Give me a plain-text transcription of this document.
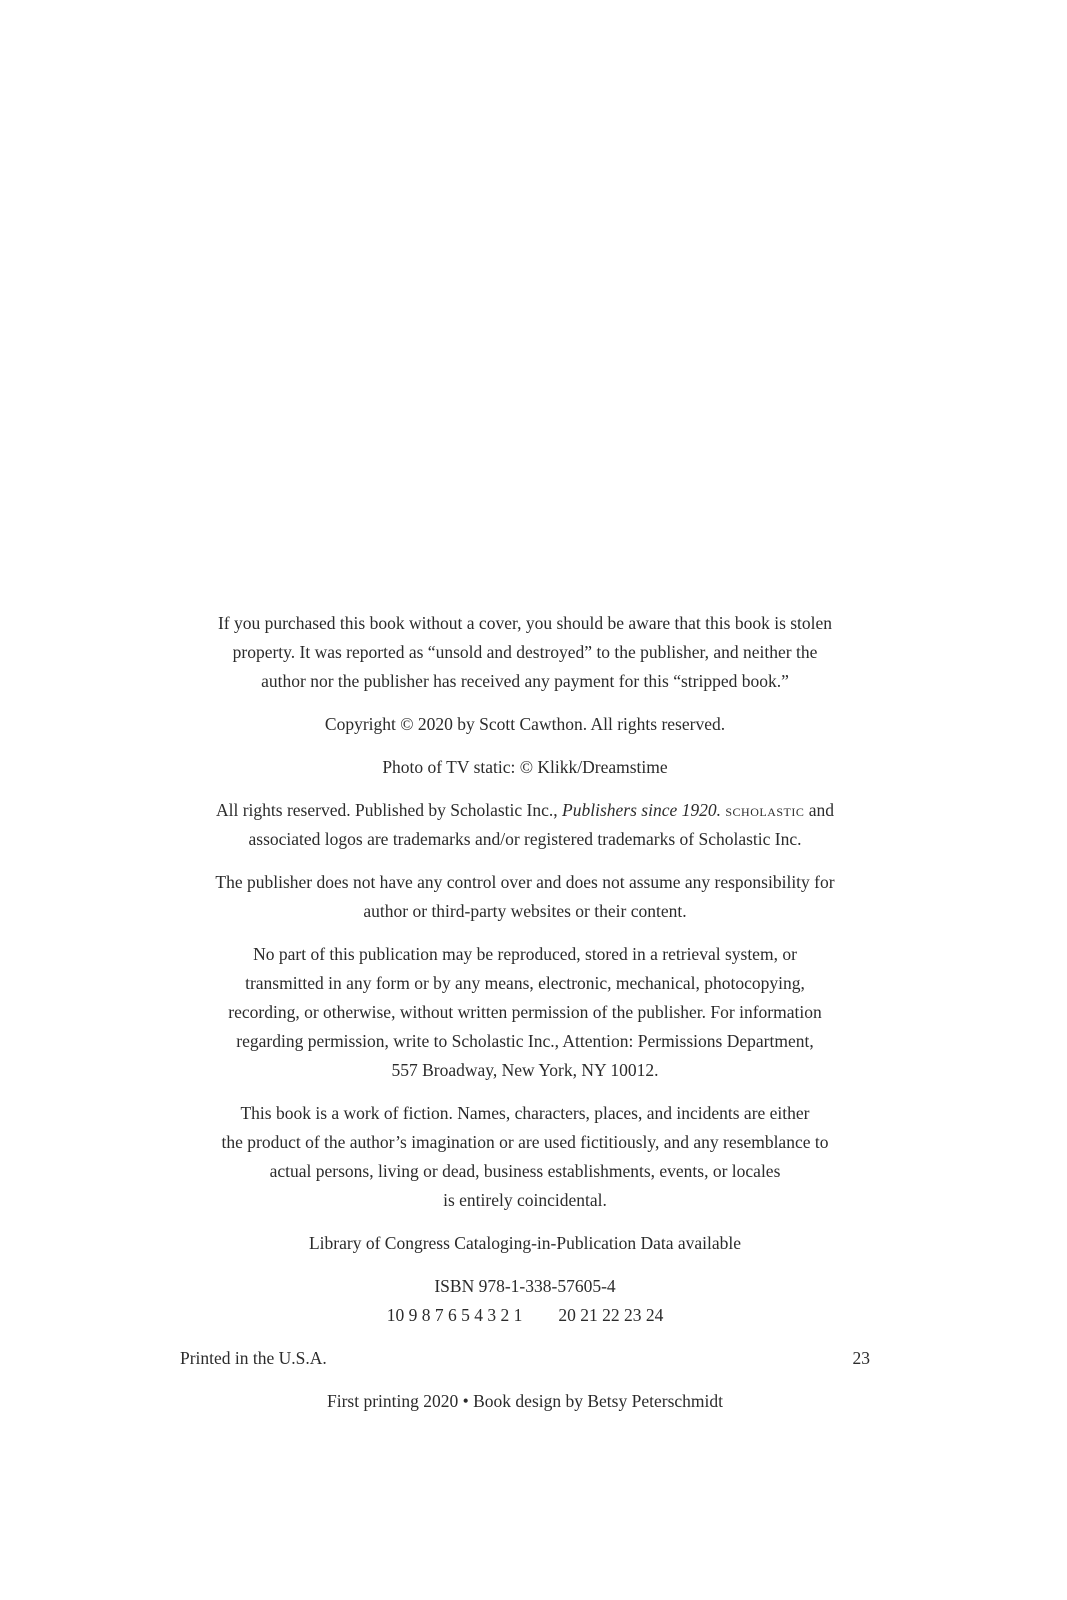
If you purchased this book without a cover, you should be aware that this book is stolen
property. It was reported as “unsold and destroyed” to the publisher, and neither the
author nor the publisher has received any payment for this “stripped book.”

Copyright © 2020 by Scott Cawthon. All rights reserved.

Photo of TV static: © Klikk/Dreamstime

All rights reserved. Published by Scholastic Inc., Publishers since 1920. scholastic and
associated logos are trademarks and/or registered trademarks of Scholastic Inc.

The publisher does not have any control over and does not assume any responsibility for
author or third-party websites or their content.

No part of this publication may be reproduced, stored in a retrieval system, or
transmitted in any form or by any means, electronic, mechanical, photocopying,
recording, or otherwise, without written permission of the publisher. For information
regarding permission, write to Scholastic Inc., Attention: Permissions Department,
557 Broadway, New York, NY 10012.

This book is a work of fiction. Names, characters, places, and incidents are either
the product of the author’s imagination or are used fictitiously, and any resemblance to
actual persons, living or dead, business establishments, events, or locales
is entirely coincidental.

Library of Congress Cataloging-in-Publication Data available

ISBN 978-1-338-57605-4
10 9 8 7 6 5 4 3 2 1 20 21 22 23 24

Printed in the U.S.A.	23

First printing 2020 • Book design by Betsy Peterschmidt
